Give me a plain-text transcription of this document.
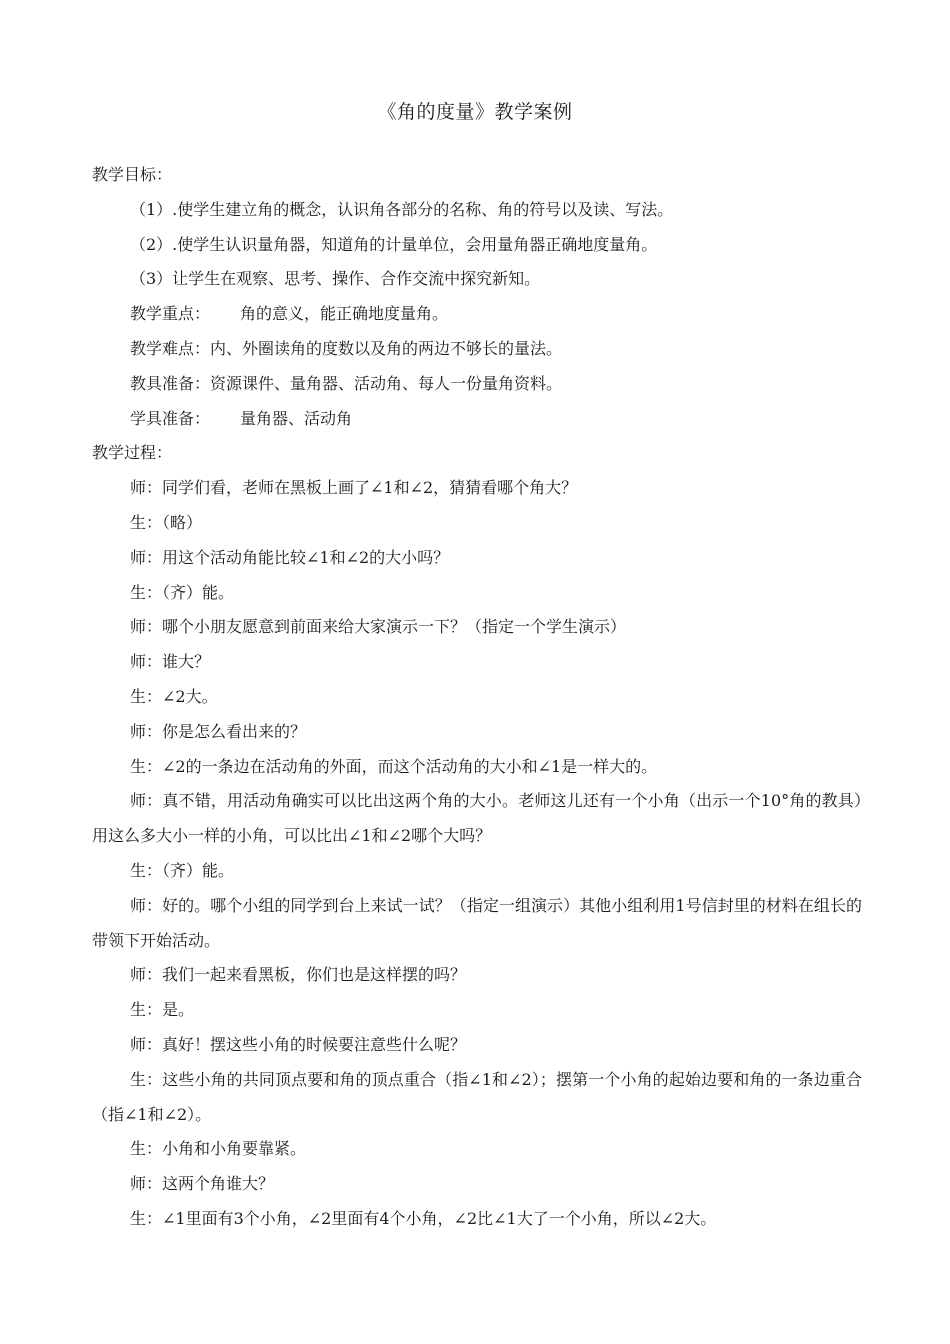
《角的度量》教学案例
教学目标：
（1）.使学生建立角的概念，认识角各部分的名称、角的符号以及读、写法。
（2）.使学生认识量角器，知道角的计量单位，会用量角器正确地度量角。
（3）让学生在观察、思考、操作、合作交流中探究新知。
教学重点： 角的意义，能正确地度量角。
教学难点：内、外圈读角的度数以及角的两边不够长的量法。
教具准备：资源课件、量角器、活动角、每人一份量角资料。
学具准备： 量角器、活动角
教学过程：
师：同学们看，老师在黑板上画了∠1和∠2，猜猜看哪个角大？
生：（略）
师：用这个活动角能比较∠1和∠2的大小吗？
生：（齐）能。
师：哪个小朋友愿意到前面来给大家演示一下？（指定一个学生演示）
师：谁大？
生：∠2大。
师：你是怎么看出来的？
生：∠2的一条边在活动角的外面，而这个活动角的大小和∠1是一样大的。
师：真不错，用活动角确实可以比出这两个角的大小。老师这儿还有一个小角（出示一个10°角的教具）用这么多大小一样的小角，可以比出∠1和∠2哪个大吗？
生：（齐）能。
师：好的。哪个小组的同学到台上来试一试？（指定一组演示）其他小组利用1号信封里的材料在组长的带领下开始活动。
师：我们一起来看黑板，你们也是这样摆的吗？
生：是。
师：真好！摆这些小角的时候要注意些什么呢？
生：这些小角的共同顶点要和角的顶点重合（指∠1和∠2）；摆第一个小角的起始边要和角的一条边重合（指∠1和∠2）。
生：小角和小角要靠紧。
师：这两个角谁大？
生：∠1里面有3个小角，∠2里面有4个小角，∠2比∠1大了一个小角，所以∠2大。
